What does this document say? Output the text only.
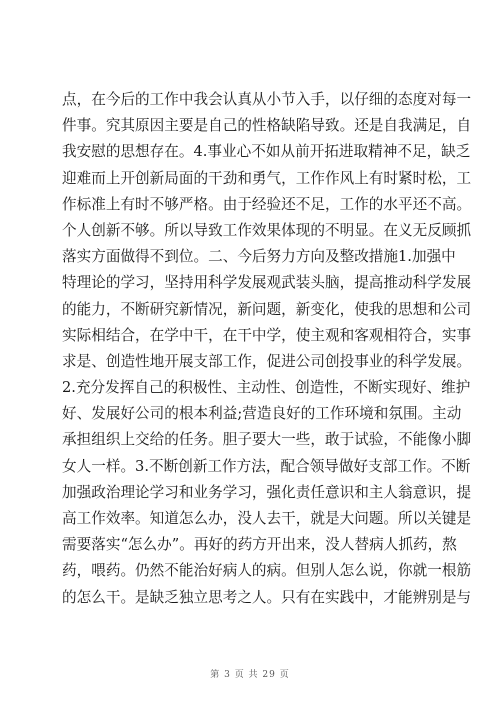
点 ， 在 今 后 的 工 作 中 我 会 认 真 从 小 节 入 手 ， 以 仔 细 的 态 度 对 每 一
件 事 。 究 其 原 因 主 要 是 自 己 的 性 格 缺 陷 导 致 。 还 是 自 我 满 足 ， 自
我 安 慰 的 思 想 存 在 。 4. 事 业 心 不 如 从 前 开 拓 进 取 精 神 不 足 ， 缺 乏
迎 难 而 上 开 创 新 局 面 的 干 劲 和 勇 气 ， 工 作 作 风 上 有 时 紧 时 松 ， 工
作 标 准 上 有 时 不 够 严 格 。 由 于 经 验 还 不 足 ， 工 作 的 水 平 还 不 高 。
个 人 创 新 不 够 。 所 以 导 致 工 作 效 果 体 现 的 不 明 显 。 在 义 无 反 顾 抓
落 实 方 面 做 得 不 到 位 。 二 、 今 后 努 力 方 向 及 整 改 措 施 1. 加 强 中
特 理 论 的 学 习 ， 坚 持 用 科 学 发 展 观 武 装 头 脑 ， 提 高 推 动 科 学 发 展
的 能 力 ， 不 断 研 究 新 情 况 ， 新 问 题 ， 新 变 化 ， 使 我 的 思 想 和 公 司
实 际 相 结 合 ， 在 学 中 干 ， 在 干 中 学 ， 使 主 观 和 客 观 相 符 合 ， 实 事
求 是 、 创 造 性 地 开 展 支 部 工 作 ， 促 进 公 司 创 投 事 业 的 科 学 发 展 。
2. 充 分 发 挥 自 己 的 积 极 性 、 主 动 性 、 创 造 性 ， 不 断 实 现 好 、 维 护
好 、 发 展 好 公 司 的 根 本 利 益 ; 营 造 良 好 的 工 作 环 境 和 氛 围 。 主 动
承 担 组 织 上 交 给 的 任 务 。 胆 子 要 大 一 些 ， 敢 于 试 验 ， 不 能 像 小 脚
女 人 一 样 。 3. 不 断 创 新 工 作 方 法 ， 配 合 领 导 做 好 支 部 工 作 。 不 断
加 强 政 治 理 论 学 习 和 业 务 学 习 ， 强 化 责 任 意 识 和 主 人 翁 意 识 ， 提
高 工 作 效 率 。 知 道 怎 么 办 ， 没 人 去 干 ， 就 是 大 问 题 。 所 以 关 键 是
需 要 落 实 “ 怎 么 办 ” 。 再 好 的 药 方 开 出 来 ， 没 人 替 病 人 抓 药 ， 熬
药 ， 喂 药 。 仍 然 不 能 治 好 病 人 的 病 。 但 别 人 怎 么 说 ， 你 就 一 根 筋
的 怎 么 干 。 是 缺 乏 独 立 思 考 之 人 。 只 有 在 实 践 中 ， 才 能 辨 别 是 与
第 3 页 共 29 页
